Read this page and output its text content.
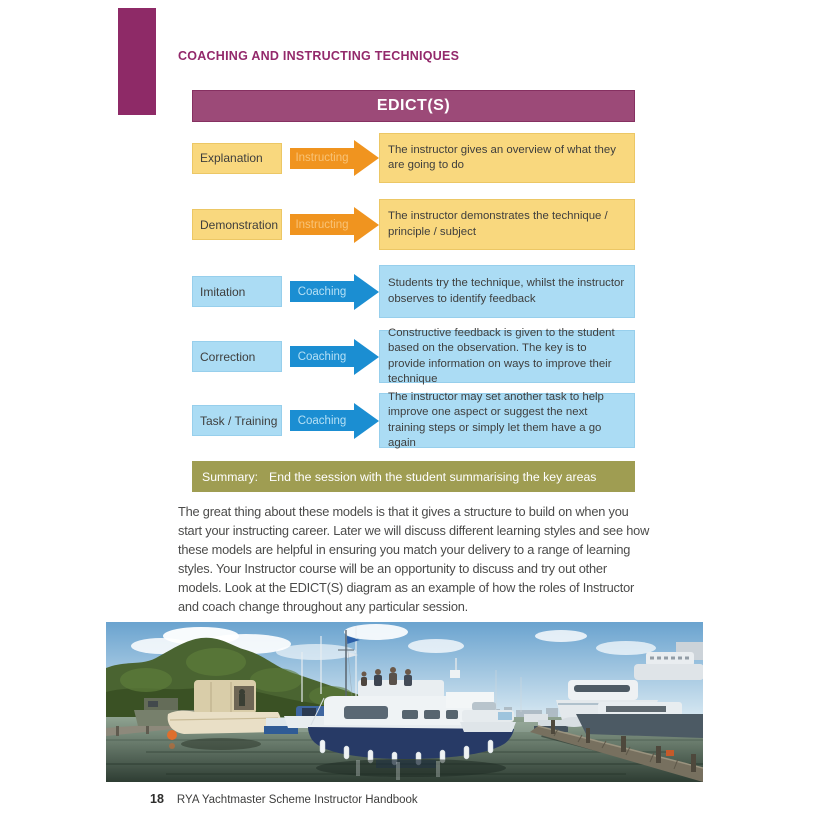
COACHING AND INSTRUCTING TECHNIQUES
EDICT(S)
Explanation	Instructing
The instructor gives an overview of what they are going to do
Demonstration	Instructing
The instructor demonstrates the technique / principle / subject
Imitation	Coaching
Students try the technique, whilst the instructor observes to identify feedback
Correction	Coaching
Constructive feedback is given to the student based on the observation. The key is to provide information on ways to improve their technique
Task / Training	Coaching
The instructor may set another task to help improve one aspect or suggest the next training steps or simply let them have a go again
Summary: End the session with the student summarising the key areas
The great thing about these models is that it gives a structure to build on when you start your instructing career. Later we will discuss different learning styles and see how these models are helpful in ensuring you match your delivery to a range of learning styles. Your Instructor course will be an opportunity to discuss and try out other models. Look at the EDICT(S) diagram as an example of how the roles of Instructor and coach change throughout any particular session.
18 RYA Yachtmaster Scheme Instructor Handbook
